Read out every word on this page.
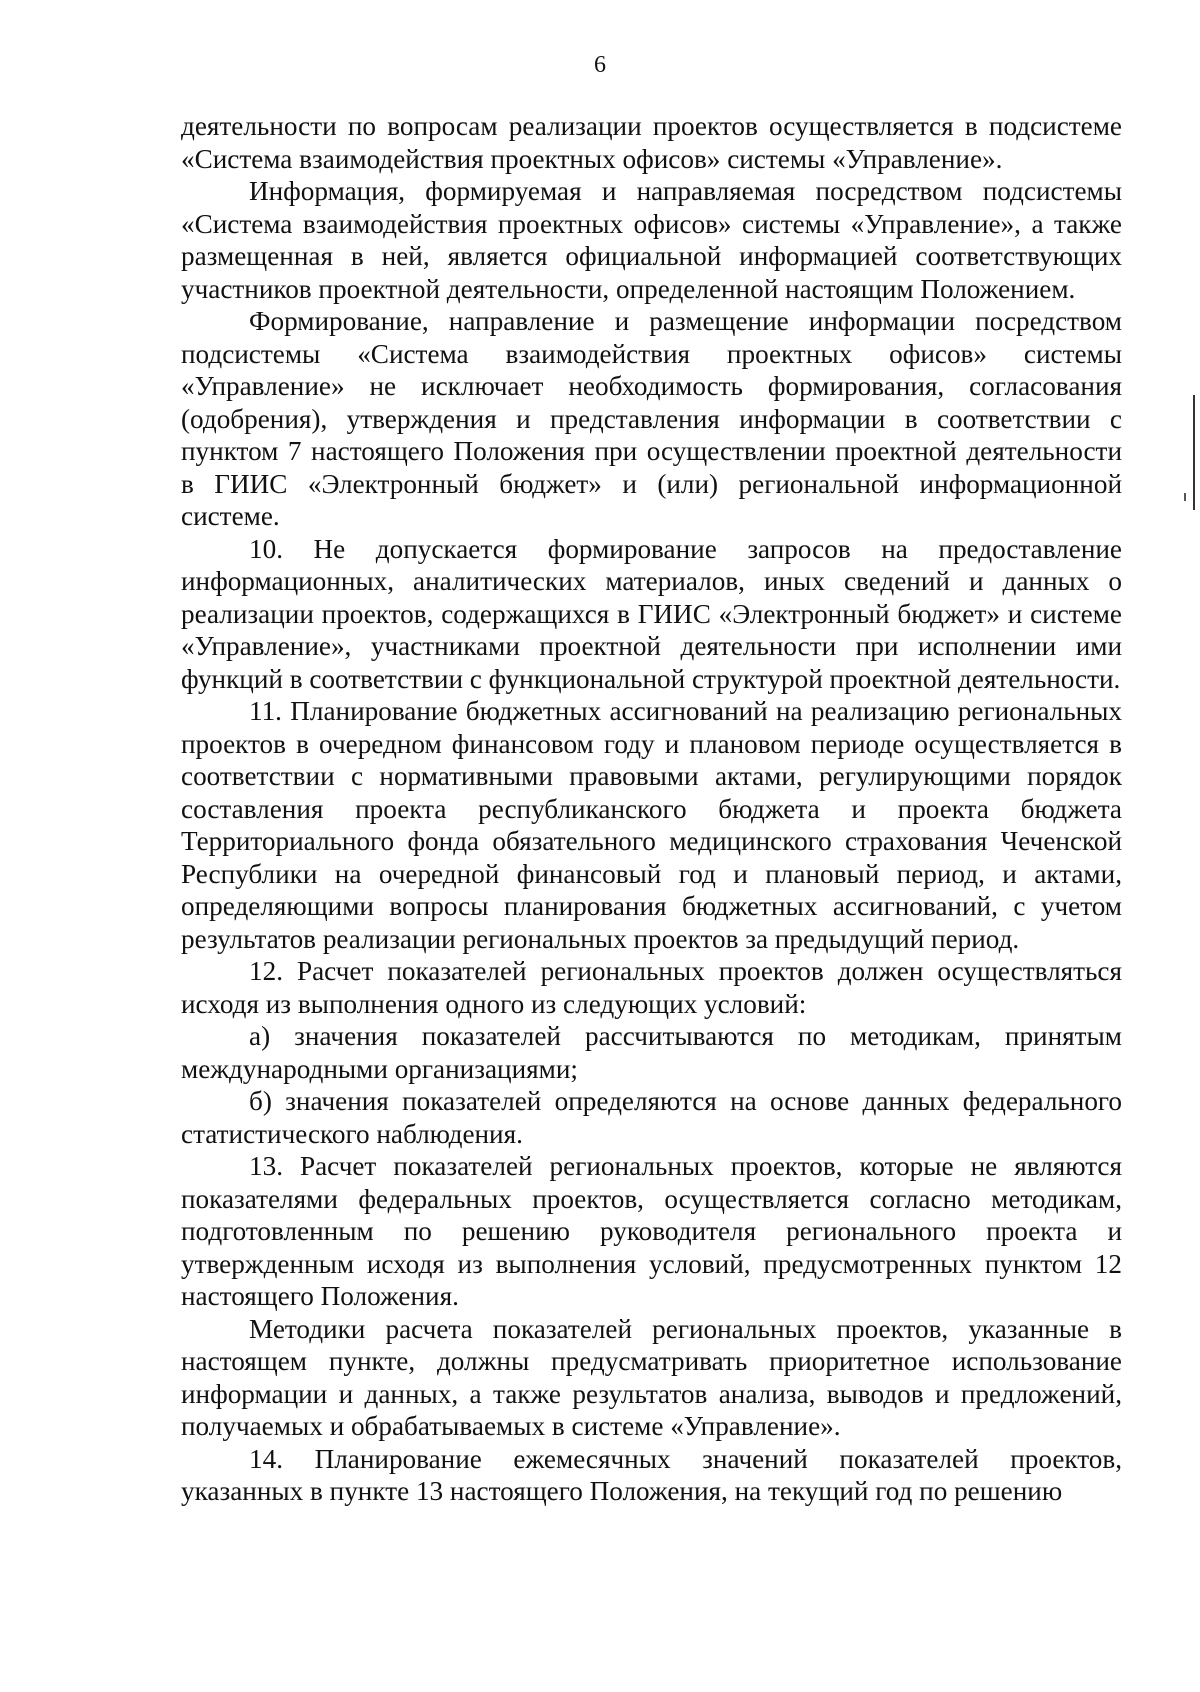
6

деятельности по вопросам реализации проектов осуществляется в подсистеме «Система взаимодействия проектных офисов» системы «Управление».

Информация, формируемая и направляемая посредством подсистемы «Система взаимодействия проектных офисов» системы «Управление», а также размещенная в ней, является официальной информацией соответствующих участников проектной деятельности, определенной настоящим Положением.

Формирование, направление и размещение информации посредством подсистемы «Система взаимодействия проектных офисов» системы «Управление» не исключает необходимость формирования, согласования (одобрения), утверждения и представления информации в соответствии с пунктом 7 настоящего Положения при осуществлении проектной деятельности в ГИИС «Электронный бюджет» и (или) региональной информационной системе.

10. Не допускается формирование запросов на предоставление информационных, аналитических материалов, иных сведений и данных о реализации проектов, содержащихся в ГИИС «Электронный бюджет» и системе «Управление», участниками проектной деятельности при исполнении ими функций в соответствии с функциональной структурой проектной деятельности.

11. Планирование бюджетных ассигнований на реализацию региональных проектов в очередном финансовом году и плановом периоде осуществляется в соответствии с нормативными правовыми актами, регулирующими порядок составления проекта республиканского бюджета и проекта бюджета Территориального фонда обязательного медицинского страхования Чеченской Республики на очередной финансовый год и плановый период, и актами, определяющими вопросы планирования бюджетных ассигнований, с учетом результатов реализации региональных проектов за предыдущий период.

12. Расчет показателей региональных проектов должен осуществляться исходя из выполнения одного из следующих условий:

а) значения показателей рассчитываются по методикам, принятым международными организациями;

б) значения показателей определяются на основе данных федерального статистического наблюдения.

13. Расчет показателей региональных проектов, которые не являются показателями федеральных проектов, осуществляется согласно методикам, подготовленным по решению руководителя регионального проекта и утвержденным исходя из выполнения условий, предусмотренных пунктом 12 настоящего Положения.

Методики расчета показателей региональных проектов, указанные в настоящем пункте, должны предусматривать приоритетное использование информации и данных, а также результатов анализа, выводов и предложений, получаемых и обрабатываемых в системе «Управление».

14. Планирование ежемесячных значений показателей проектов, указанных в пункте 13 настоящего Положения, на текущий год по решению
